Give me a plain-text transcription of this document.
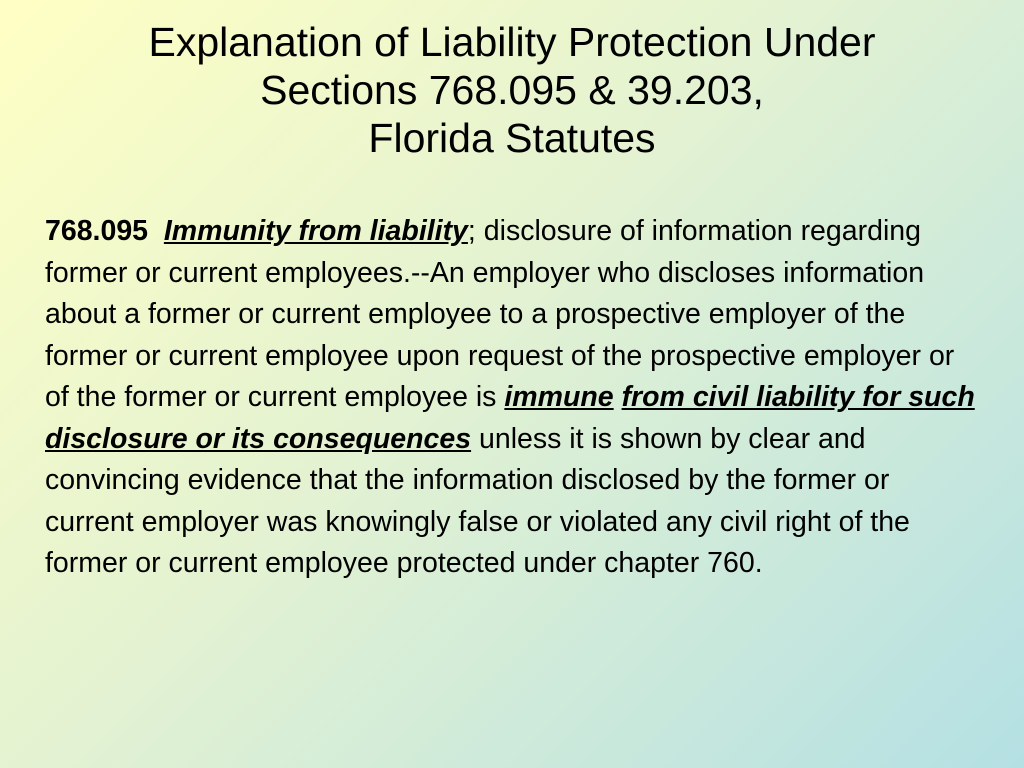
Explanation of Liability Protection Under
Sections 768.095 & 39.203,
Florida Statutes

768.095 Immunity from liability; disclosure of information regarding former or current employees.--An employer who discloses information about a former or current employee to a prospective employer of the former or current employee upon request of the prospective employer or of the former or current employee is immune from civil liability for such disclosure or its consequences unless it is shown by clear and convincing evidence that the information disclosed by the former or current employer was knowingly false or violated any civil right of the former or current employee protected under chapter 760.
